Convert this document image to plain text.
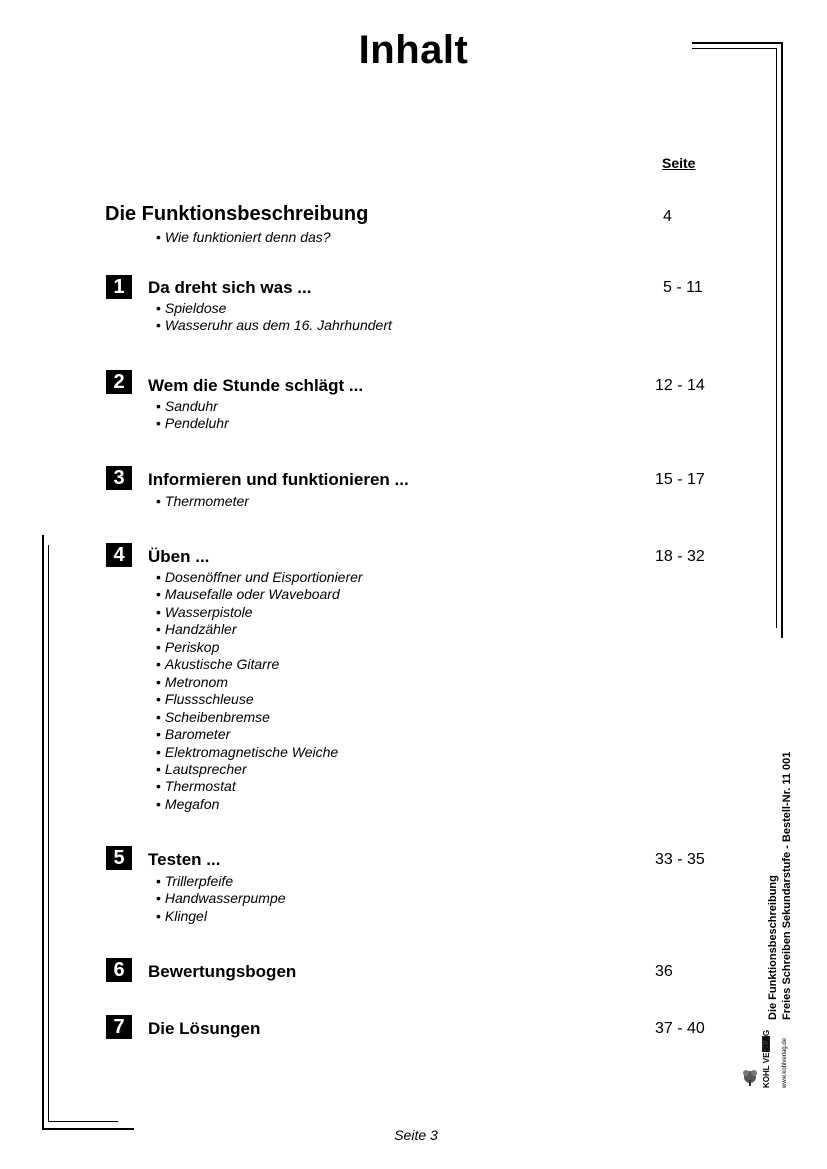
Inhalt
Seite
Die Funktionsbeschreibung	4
• Wie funktioniert denn das?
1	Da dreht sich was ...	5 - 11
• Spieldose
• Wasseruhr aus dem 16. Jahrhundert
2	Wem die Stunde schlägt ...	12 - 14
• Sanduhr
• Pendeluhr
3	Informieren und funktionieren ...	15 - 17
• Thermometer
4	Üben ...	18 - 32
• Dosenöffner und Eisportionierer
• Mausefalle oder Waveboard
• Wasserpistole
• Handzähler
• Periskop
• Akustische Gitarre
• Metronom
• Flussschleuse
• Scheibenbremse
• Barometer
• Elektromagnetische Weiche
• Lautsprecher
• Thermostat
• Megafon
5	Testen ...	33 - 35
• Trillerpfeife
• Handwasserpumpe
• Klingel
6	Bewertungsbogen	36
7	Die Lösungen	37 - 40
Die Funktionsbeschreibung Freies Schreiben Sekundarstufe - Bestell-Nr. 11 001
KOHL VERLAG www.kohlverlag.de
Seite 3
